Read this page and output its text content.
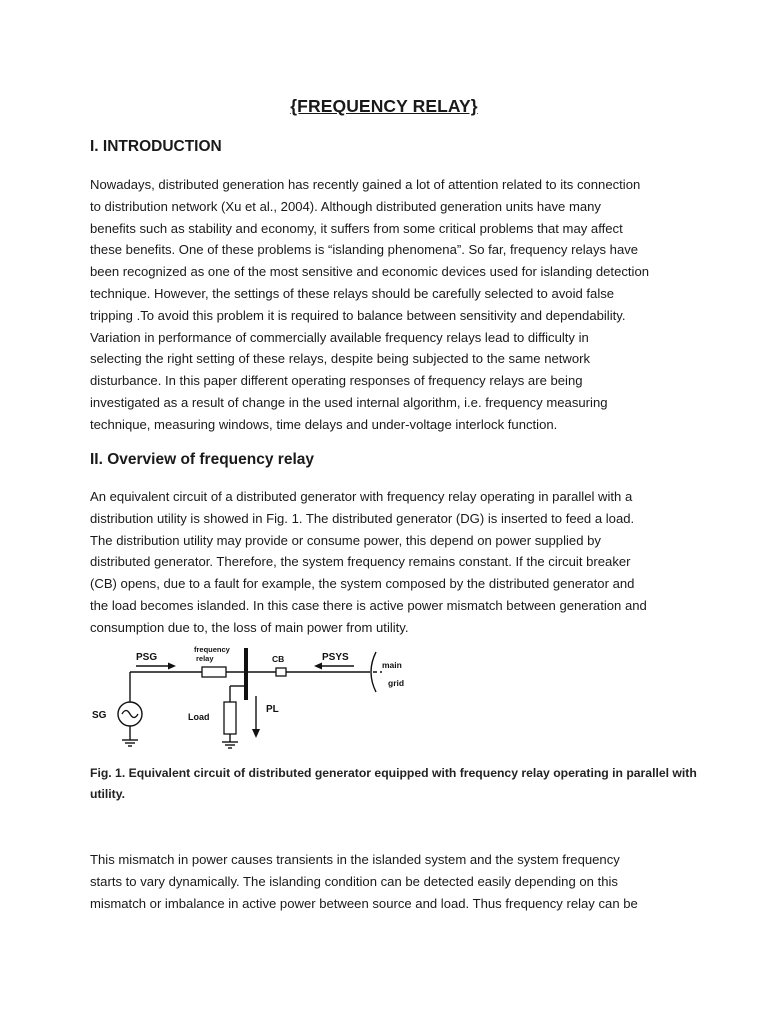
{FREQUENCY RELAY}
I. INTRODUCTION
Nowadays, distributed generation has recently gained a lot of attention related to its connection
to distribution network (Xu et al., 2004). Although distributed generation units have many
benefits such as stability and economy, it suffers from some critical problems that may affect
these benefits. One of these problems is “islanding phenomena”. So far, frequency relays have
been recognized as one of the most sensitive and economic devices used for islanding detection
technique. However, the settings of these relays should be carefully selected to avoid false
tripping .To avoid this problem it is required to balance between sensitivity and dependability.
Variation in performance of commercially available frequency relays lead to difficulty in
selecting the right setting of these relays, despite being subjected to the same network
disturbance. In this paper different operating responses of frequency relays are being
investigated as a result of change in the used internal algorithm, i.e. frequency measuring
technique, measuring windows, time delays and under-voltage interlock function.
II. Overview of frequency relay
An equivalent circuit of a distributed generator with frequency relay operating in parallel with a
distribution utility is showed in Fig. 1. The distributed generator (DG) is inserted to feed a load.
The distribution utility may provide or consume power, this depend on power supplied by
distributed generator. Therefore, the system frequency remains constant. If the circuit breaker
(CB) opens, due to a fault for example, the system composed by the distributed generator and
the load becomes islanded. In this case there is active power mismatch between generation and
consumption due to, the loss of main power from utility.
PSG
frequency
relay	CB	PSYS
main
grid
SG	Load
PL
Fig. 1. Equivalent circuit of distributed generator equipped with frequency relay operating in parallel with
utility.
This mismatch in power causes transients in the islanded system and the system frequency
starts to vary dynamically. The islanding condition can be detected easily depending on this
mismatch or imbalance in active power between source and load. Thus frequency relay can be
